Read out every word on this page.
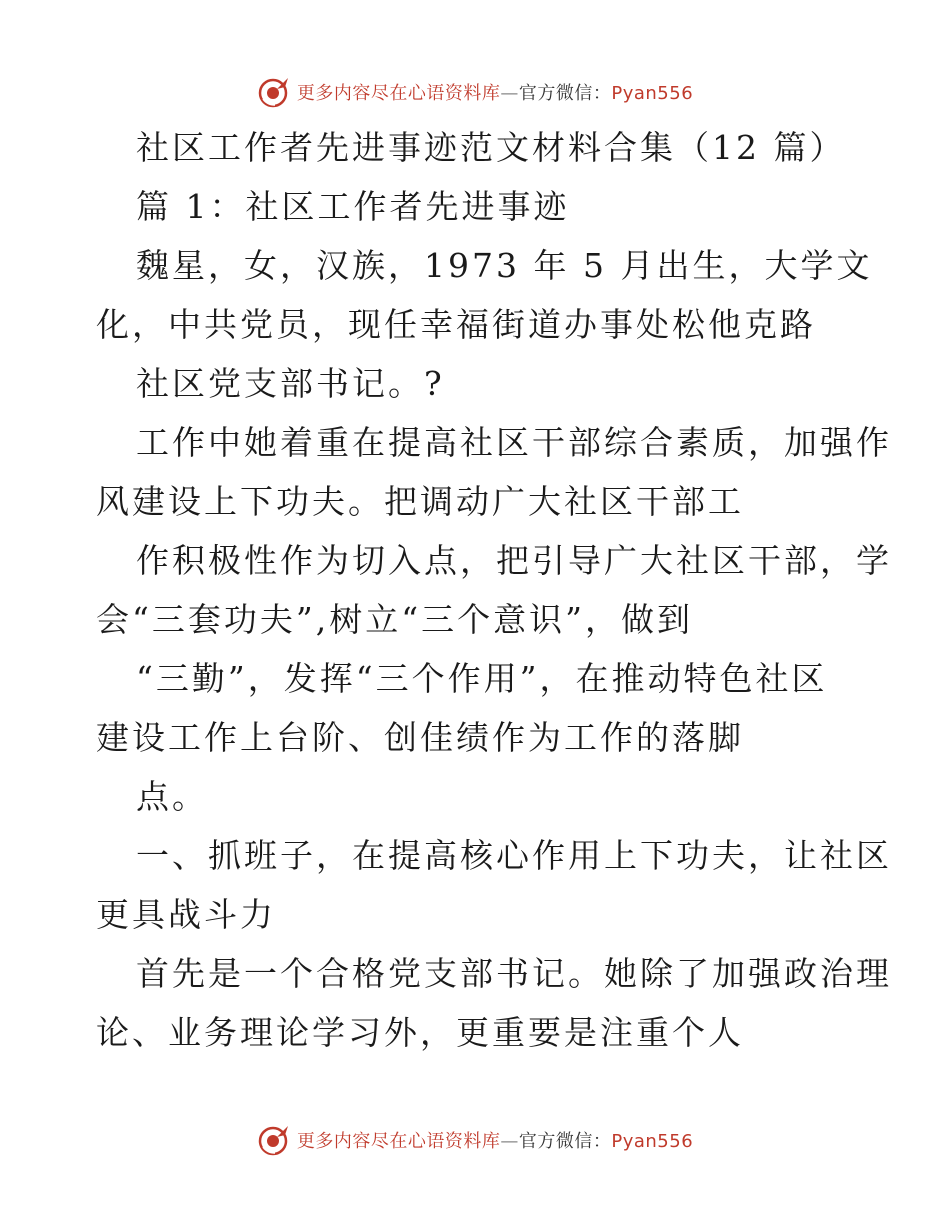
更多内容尽在心语资料库—官方微信：Pyan556
社区工作者先进事迹范文材料合集（12 篇）
篇 1：社区工作者先进事迹
魏星，女，汉族，1973 年 5 月出生，大学文
化，中共党员，现任幸福街道办事处松他克路
社区党支部书记。?
工作中她着重在提高社区干部综合素质，加强作
风建设上下功夫。把调动广大社区干部工
作积极性作为切入点，把引导广大社区干部，学
会“三套功夫”,树立“三个意识”，做到
“三勤”，发挥“三个作用”，在推动特色社区
建设工作上台阶、创佳绩作为工作的落脚
点。
一、抓班子，在提高核心作用上下功夫，让社区
更具战斗力
首先是一个合格党支部书记。她除了加强政治理
论、业务理论学习外，更重要是注重个人
更多内容尽在心语资料库—官方微信：Pyan556
